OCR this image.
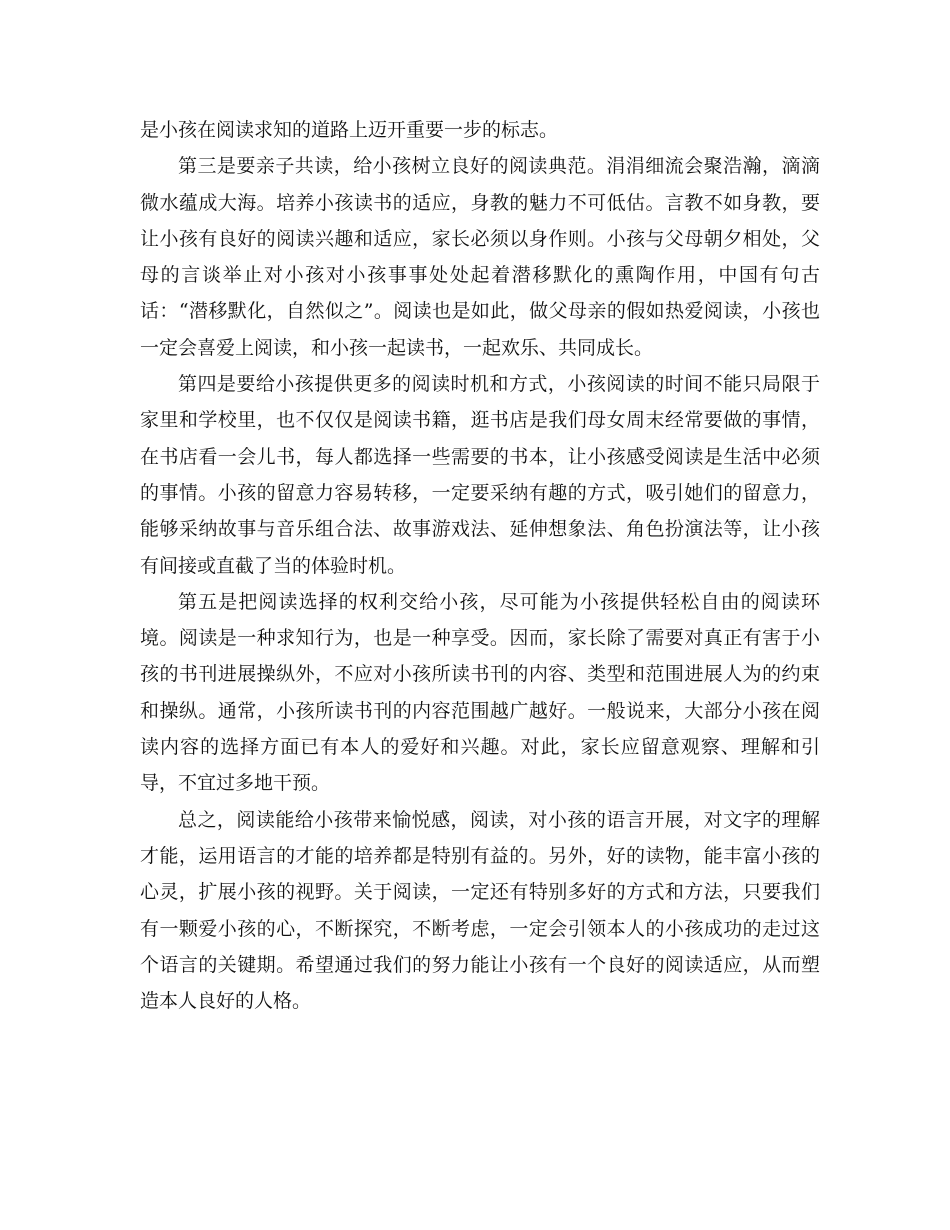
是小孩在阅读求知的道路上迈开重要一步的标志。

第三是要亲子共读，给小孩树立良好的阅读典范。涓涓细流会聚浩瀚，滴滴微水蕴成大海。培养小孩读书的适应，身教的魅力不可低估。言教不如身教，要让小孩有良好的阅读兴趣和适应，家长必须以身作则。小孩与父母朝夕相处，父母的言谈举止对小孩对小孩事事处处起着潜移默化的熏陶作用，中国有句古话：“潜移默化，自然似之”。阅读也是如此，做父母亲的假如热爱阅读，小孩也一定会喜爱上阅读，和小孩一起读书，一起欢乐、共同成长。

第四是要给小孩提供更多的阅读时机和方式，小孩阅读的时间不能只局限于家里和学校里，也不仅仅是阅读书籍，逛书店是我们母女周末经常要做的事情，在书店看一会儿书，每人都选择一些需要的书本，让小孩感受阅读是生活中必须的事情。小孩的留意力容易转移，一定要采纳有趣的方式，吸引她们的留意力，能够采纳故事与音乐组合法、故事游戏法、延伸想象法、角色扮演法等，让小孩有间接或直截了当的体验时机。

第五是把阅读选择的权利交给小孩，尽可能为小孩提供轻松自由的阅读环境。阅读是一种求知行为，也是一种享受。因而，家长除了需要对真正有害于小孩的书刊进展操纵外，不应对小孩所读书刊的内容、类型和范围进展人为的约束和操纵。通常，小孩所读书刊的内容范围越广越好。一般说来，大部分小孩在阅读内容的选择方面已有本人的爱好和兴趣。对此，家长应留意观察、理解和引导，不宜过多地干预。

总之，阅读能给小孩带来愉悦感，阅读，对小孩的语言开展，对文字的理解才能，运用语言的才能的培养都是特别有益的。另外，好的读物，能丰富小孩的心灵，扩展小孩的视野。关于阅读，一定还有特别多好的方式和方法，只要我们有一颗爱小孩的心，不断探究，不断考虑，一定会引领本人的小孩成功的走过这个语言的关键期。希望通过我们的努力能让小孩有一个良好的阅读适应，从而塑造本人良好的人格。
